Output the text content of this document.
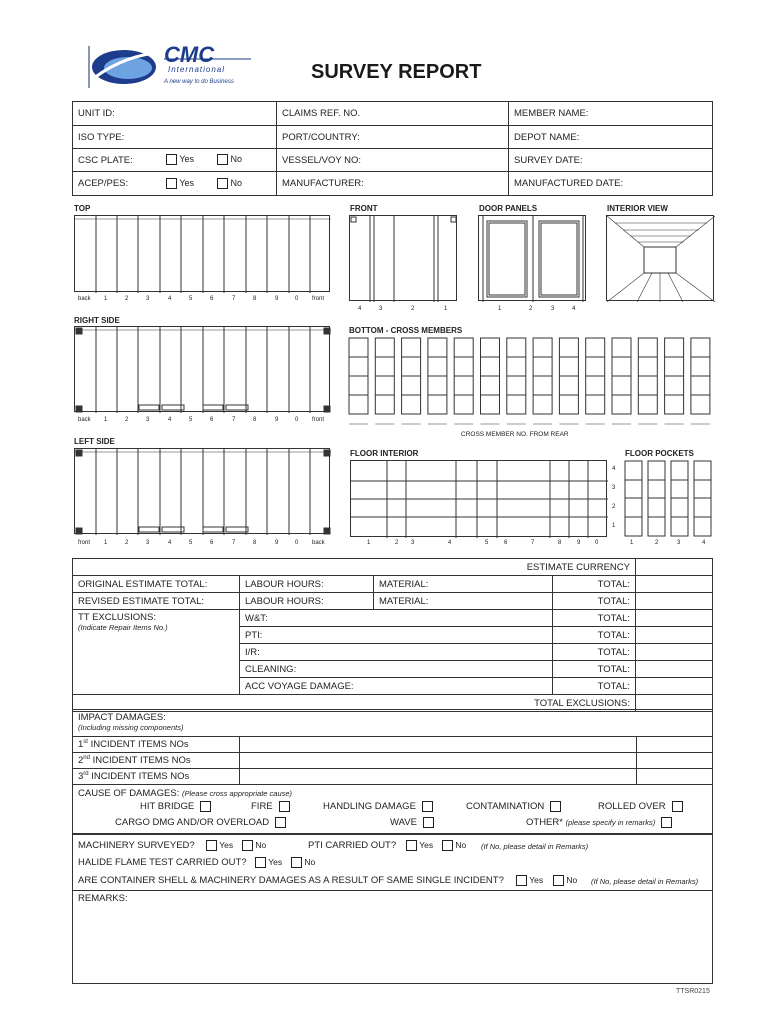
CMC
International
A new way to do Business	SURVEY REPORT
UNIT ID:	CLAIMS REF. NO.	MEMBER NAME:
ISO TYPE:	PORT/COUNTRY:	DEPOT NAME:
CSC PLATE: Yes No	VESSEL/VOY NO:	SURVEY DATE:
ACEP/PES: Yes No	MANUFACTURER:	MANUFACTURED DATE:
TOP	FRONT	DOOR PANELS	INTERIOR VIEW
RIGHT SIDE
BOTTOM - CROSS MEMBERS
LEFT SIDE
FLOOR INTERIOR	FLOOR POCKETS
CROSS MEMBER NO. FROM REAR
back 1	2	3	4	5	6	7	8	9	0 front
4	3	2	1	1	2	3	4
back 1	2	3	4	5	6	7	8	9	0 front
front 1	2	3	4	5	6	7	8	9	0 back	1	2 3	4	5	6	7	8	9 0
4
3
2
1
1	2	3	4
ESTIMATE CURRENCY				
ORIGINAL ESTIMATE TOTAL:	LABOUR HOURS:	MATERIAL:	TOTAL:	
REVISED ESTIMATE TOTAL:	LABOUR HOURS:	MATERIAL:	TOTAL:	

TT EXCLUSIONS:
(Indicate Repair Items No.)	W&T:		TOTAL:	
	PTI:		TOTAL:	
	I/R:		TOTAL:	
	CLEANING:		TOTAL:	
	ACC VOYAGE DAMAGE:		TOTAL:	
TOTAL EXCLUSIONS:				
IMPACT DAMAGES:
(Including missing components)		

1st INCIDENT ITEMS NOs		
2nd INCIDENT ITEMS NOs		
3rd INCIDENT ITEMS NOs		
CAUSE OF DAMAGES: (Please cross appropriate cause)
HIT BRIDGE	FIRE	HANDLING DAMAGE	CONTAMINATION	ROLLED OVER
CARGO DMG AND/OR OVERLOAD	WAVE	OTHER* (please specify in remarks)
MACHINERY SURVEYED?	Yes	No	PTI CARRIED OUT?	Yes	No (If No, please detail in Remarks)
HALIDE FLAME TEST CARRIED OUT?	Yes	No
ARE CONTAINER SHELL & MACHINERY DAMAGES AS A RESULT OF SAME SINGLE INCIDENT?	Yes	No (If No, please detail in Remarks)
REMARKS:
TTSR0215
